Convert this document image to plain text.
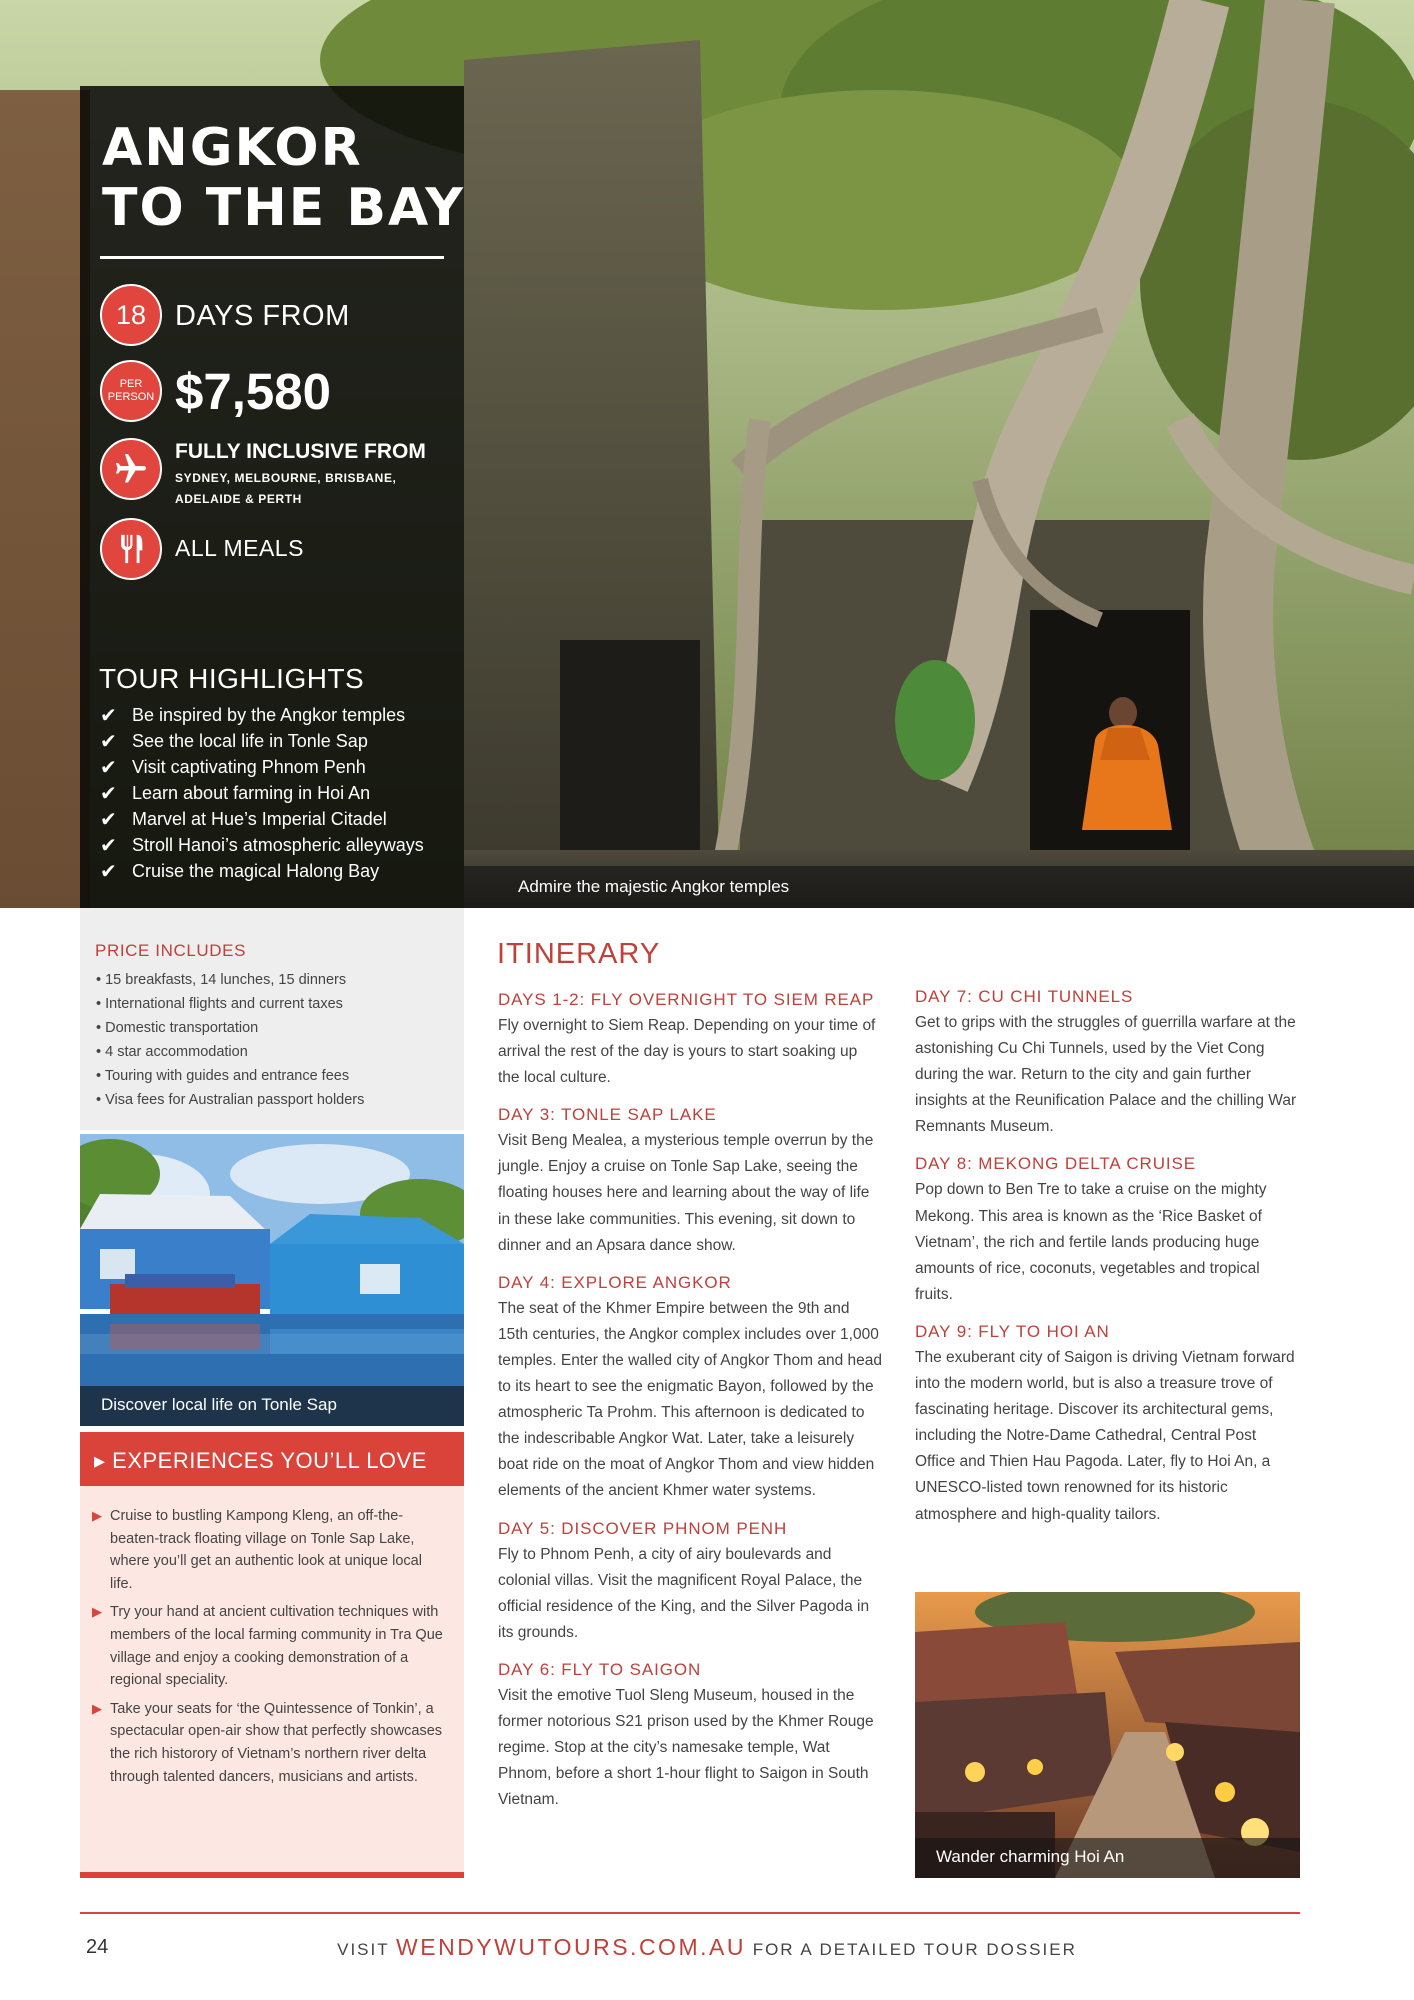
Admire the majestic Angkor temples
ANGKOR
TO THE BAY
18 DAYS FROM
PER PERSON $7,580
FULLY INCLUSIVE FROM
SYDNEY, MELBOURNE, BRISBANE, ADELAIDE & PERTH
ALL MEALS
TOUR HIGHLIGHTS
✔ Be inspired by the Angkor temples
✔ See the local life in Tonle Sap
✔ Visit captivating Phnom Penh
✔ Learn about farming in Hoi An
✔ Marvel at Hue’s Imperial Citadel
✔ Stroll Hanoi’s atmospheric alleyways
✔ Cruise the magical Halong Bay
PRICE INCLUDES
• 15 breakfasts, 14 lunches, 15 dinners
• International flights and current taxes
• Domestic transportation
• 4 star accommodation
• Touring with guides and entrance fees
• Visa fees for Australian passport holders
Discover local life on Tonle Sap
▸ EXPERIENCES YOU’LL LOVE
▶ Cruise to bustling Kampong Kleng, an off-the-beaten-track floating village on Tonle Sap Lake, where you’ll get an authentic look at unique local life.
▶ Try your hand at ancient cultivation techniques with members of the local farming community in Tra Que village and enjoy a cooking demonstration of a regional speciality.
▶ Take your seats for ‘the Quintessence of Tonkin’, a spectacular open-air show that perfectly showcases the rich historory of Vietnam’s northern river delta through talented dancers, musicians and artists.
ITINERARY
DAYS 1-2: FLY OVERNIGHT TO SIEM REAP

Fly overnight to Siem Reap. Depending on your time of arrival the rest of the day is yours to start soaking up the local culture.

DAY 3: TONLE SAP LAKE

Visit Beng Mealea, a mysterious temple overrun by the jungle. Enjoy a cruise on Tonle Sap Lake, seeing the floating houses here and learning about the way of life in these lake communities. This evening, sit down to dinner and an Apsara dance show.

DAY 4: EXPLORE ANGKOR

The seat of the Khmer Empire between the 9th and 15th centuries, the Angkor complex includes over 1,000 temples. Enter the walled city of Angkor Thom and head to its heart to see the enigmatic Bayon, followed by the atmospheric Ta Prohm. This afternoon is dedicated to the indescribable Angkor Wat. Later, take a leisurely boat ride on the moat of Angkor Thom and view hidden elements of the ancient Khmer water systems.

DAY 5: DISCOVER PHNOM PENH

Fly to Phnom Penh, a city of airy boulevards and colonial villas. Visit the magnificent Royal Palace, the official residence of the King, and the Silver Pagoda in its grounds.

DAY 6: FLY TO SAIGON

Visit the emotive Tuol Sleng Museum, housed in the former notorious S21 prison used by the Khmer Rouge regime. Stop at the city’s namesake temple, Wat Phnom, before a short 1-hour flight to Saigon in South Vietnam.

DAY 7: CU CHI TUNNELS

Get to grips with the struggles of guerrilla warfare at the astonishing Cu Chi Tunnels, used by the Viet Cong during the war. Return to the city and gain further insights at the Reunification Palace and the chilling War Remnants Museum.

DAY 8: MEKONG DELTA CRUISE

Pop down to Ben Tre to take a cruise on the mighty Mekong. This area is known as the ‘Rice Basket of Vietnam’, the rich and fertile lands producing huge amounts of rice, coconuts, vegetables and tropical fruits.

DAY 9: FLY TO HOI AN

The exuberant city of Saigon is driving Vietnam forward into the modern world, but is also a treasure trove of fascinating heritage. Discover its architectural gems, including the Notre-Dame Cathedral, Central Post Office and Thien Hau Pagoda. Later, fly to Hoi An, a UNESCO-listed town renowned for its historic atmosphere and high-quality tailors.

Wander charming Hoi An
24	VISIT WENDYWUTOURS.COM.AU FOR A DETAILED TOUR DOSSIER
